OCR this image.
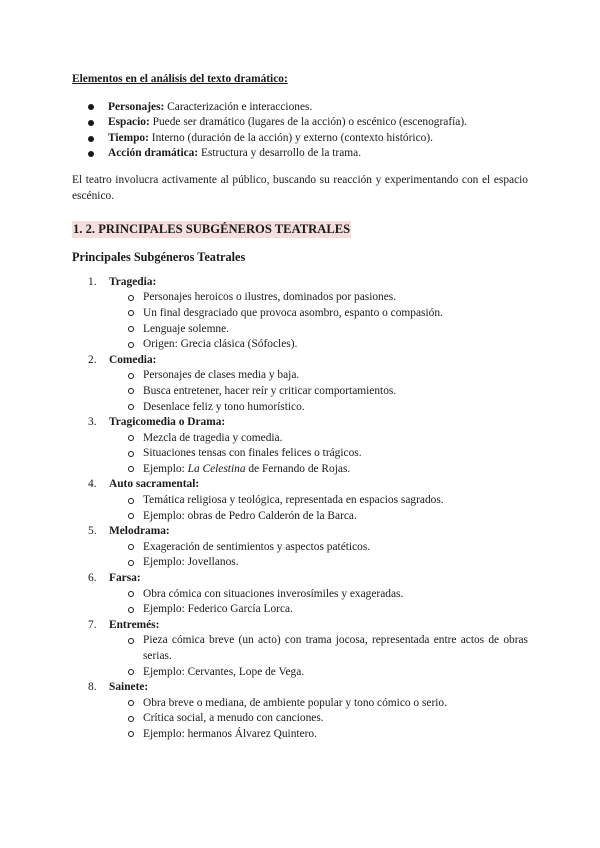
Elementos en el análisis del texto dramático:
Personajes: Caracterización e interacciones.
Espacio: Puede ser dramático (lugares de la acción) o escénico (escenografía).
Tiempo: Interno (duración de la acción) y externo (contexto histórico).
Acción dramática: Estructura y desarrollo de la trama.

El teatro involucra activamente al público, buscando su reacción y experimentando con el espacio escénico.

1. 2. PRINCIPALES SUBGÉNEROS TEATRALES
Principales Subgéneros Teatrales
1. Tragedia:
Personajes heroicos o ilustres, dominados por pasiones.
Un final desgraciado que provoca asombro, espanto o compasión.
Lenguaje solemne.
Origen: Grecia clásica (Sófocles).
2. Comedia:
Personajes de clases media y baja.
Busca entretener, hacer reír y criticar comportamientos.
Desenlace feliz y tono humorístico.
3. Tragicomedia o Drama:
Mezcla de tragedia y comedia.
Situaciones tensas con finales felices o trágicos.
Ejemplo: La Celestina de Fernando de Rojas.
4. Auto sacramental:
Temática religiosa y teológica, representada en espacios sagrados.
Ejemplo: obras de Pedro Calderón de la Barca.
5. Melodrama:
Exageración de sentimientos y aspectos patéticos.
Ejemplo: Jovellanos.
6. Farsa:
Obra cómica con situaciones inverosímiles y exageradas.
Ejemplo: Federico García Lorca.
7. Entremés:
Pieza cómica breve (un acto) con trama jocosa, representada entre actos de obras serias.
Ejemplo: Cervantes, Lope de Vega.
8. Sainete:
Obra breve o mediana, de ambiente popular y tono cómico o serio.
Crítica social, a menudo con canciones.
Ejemplo: hermanos Álvarez Quintero.
